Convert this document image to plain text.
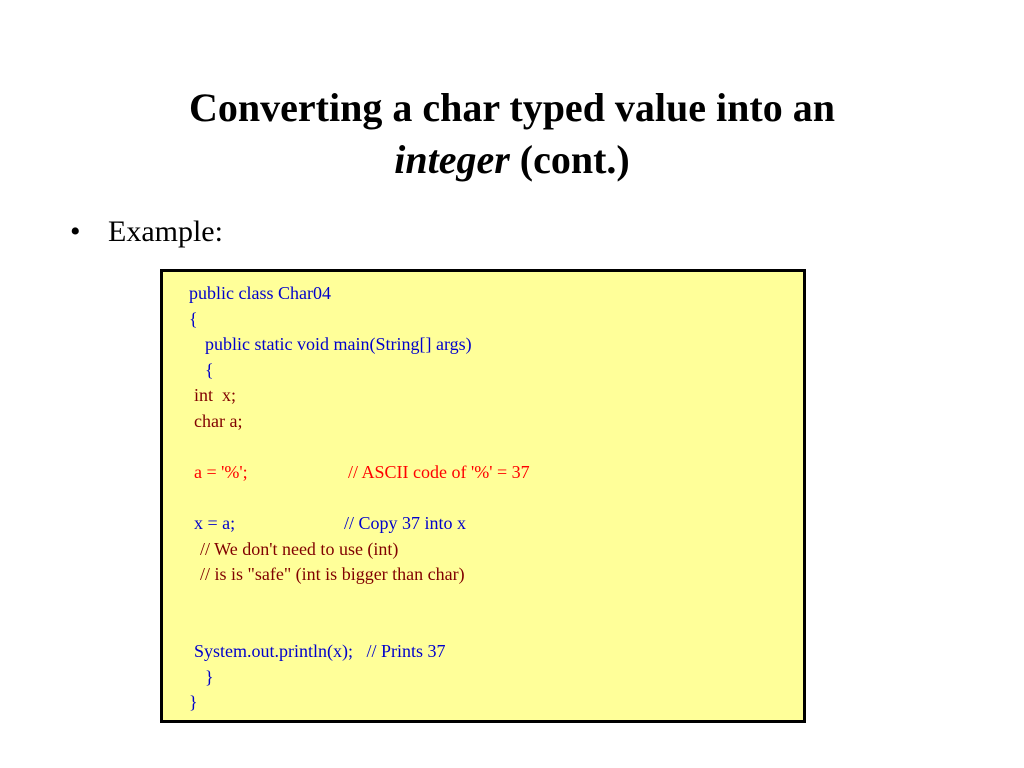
Converting a char typed value into an
integer (cont.)
• Example:
public class Char04
{
public static void main(String[] args)
{
int  x;
char a;
a = '%';	// ASCII code of '%' = 37
x = a;	// Copy 37 into x
// We don't need to use (int)
// is is "safe" (int is bigger than char)
System.out.println(x);   // Prints 37
}
}
